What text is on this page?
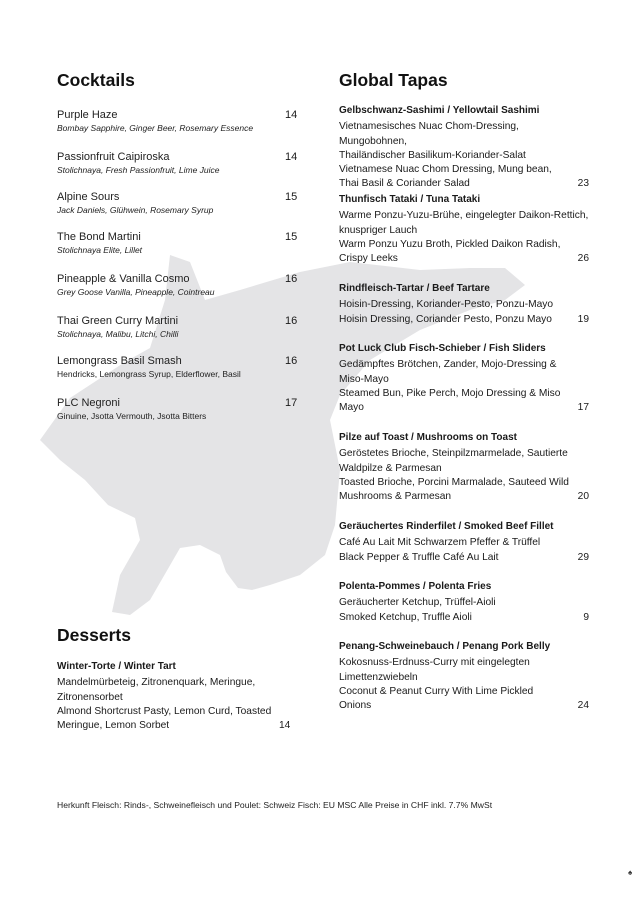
Cocktails
Purple Haze
Bombay Sapphire, Ginger Beer, Rosemary Essence
14
Passionfruit Caipiroska
Stolichnaya, Fresh Passionfruit, Lime Juice
14
Alpine Sours
Jack Daniels, Glühwein, Rosemary Syrup
15
The Bond Martini
Stolichnaya Elite, Lillet
15
Pineapple & Vanilla Cosmo
Grey Goose Vanilla, Pineapple, Cointreau
16
Thai Green Curry Martini
Stolichnaya, Malibu, Litchi, Chilli
16
Lemongrass Basil Smash
Hendricks, Lemongrass Syrup, Elderflower, Basil
16
PLC Negroni
Ginuine, Jsotta Vermouth, Jsotta Bitters
17
Desserts
Winter-Torte / Winter Tart
Mandelmürbeteig, Zitronenquark, Meringue,
Zitronensorbet
Almond Shortcrust Pasty, Lemon Curd, Toasted
Meringue, Lemon Sorbet	14
Global Tapas
Gelbschwanz-Sashimi / Yellowtail Sashimi
Vietnamesisches Nuac Chom-Dressing, Mungobohnen,
Thailändischer Basilikum-Koriander-Salat
Vietnamese Nuac Chom Dressing, Mung bean,
Thai Basil & Coriander Salad	23
Thunfisch Tataki / Tuna Tataki
Warme Ponzu-Yuzu-Brühe, eingelegter Daikon-Rettich,
knuspriger Lauch
Warm Ponzu Yuzu Broth, Pickled Daikon Radish,
Crispy Leeks	26
Rindfleisch-Tartar / Beef Tartare
Hoisin-Dressing, Koriander-Pesto, Ponzu-Mayo
Hoisin Dressing, Coriander Pesto, Ponzu Mayo	19
Pot Luck Club Fisch-Schieber / Fish Sliders
Gedämpftes Brötchen, Zander, Mojo-Dressing &
Miso-Mayo
Steamed Bun, Pike Perch, Mojo Dressing & Miso
Mayo	17
Pilze auf Toast / Mushrooms on Toast
Geröstetes Brioche, Steinpilzmarmelade, Sautierte
Waldpilze & Parmesan
Toasted Brioche, Porcini Marmalade, Sauteed Wild
Mushrooms & Parmesan	20
Geräuchertes Rinderfilet / Smoked Beef Fillet
Café Au Lait Mit Schwarzem Pfeffer & Trüffel
Black Pepper & Truffle Café Au Lait	29
Polenta-Pommes / Polenta Fries
Geräucherter Ketchup, Trüffel-Aioli
Smoked Ketchup, Truffle Aioli	9
Penang-Schweinebauch / Penang Pork Belly
Kokosnuss-Erdnuss-Curry mit eingelegten
Limettenzwiebeln
Coconut & Peanut Curry With Lime Pickled
Onions	24
Herkunft Fleisch: Rinds-, Schweinefleisch und Poulet: Schweiz Fisch: EU MSC Alle Preise in CHF inkl. 7.7% MwSt
♠
